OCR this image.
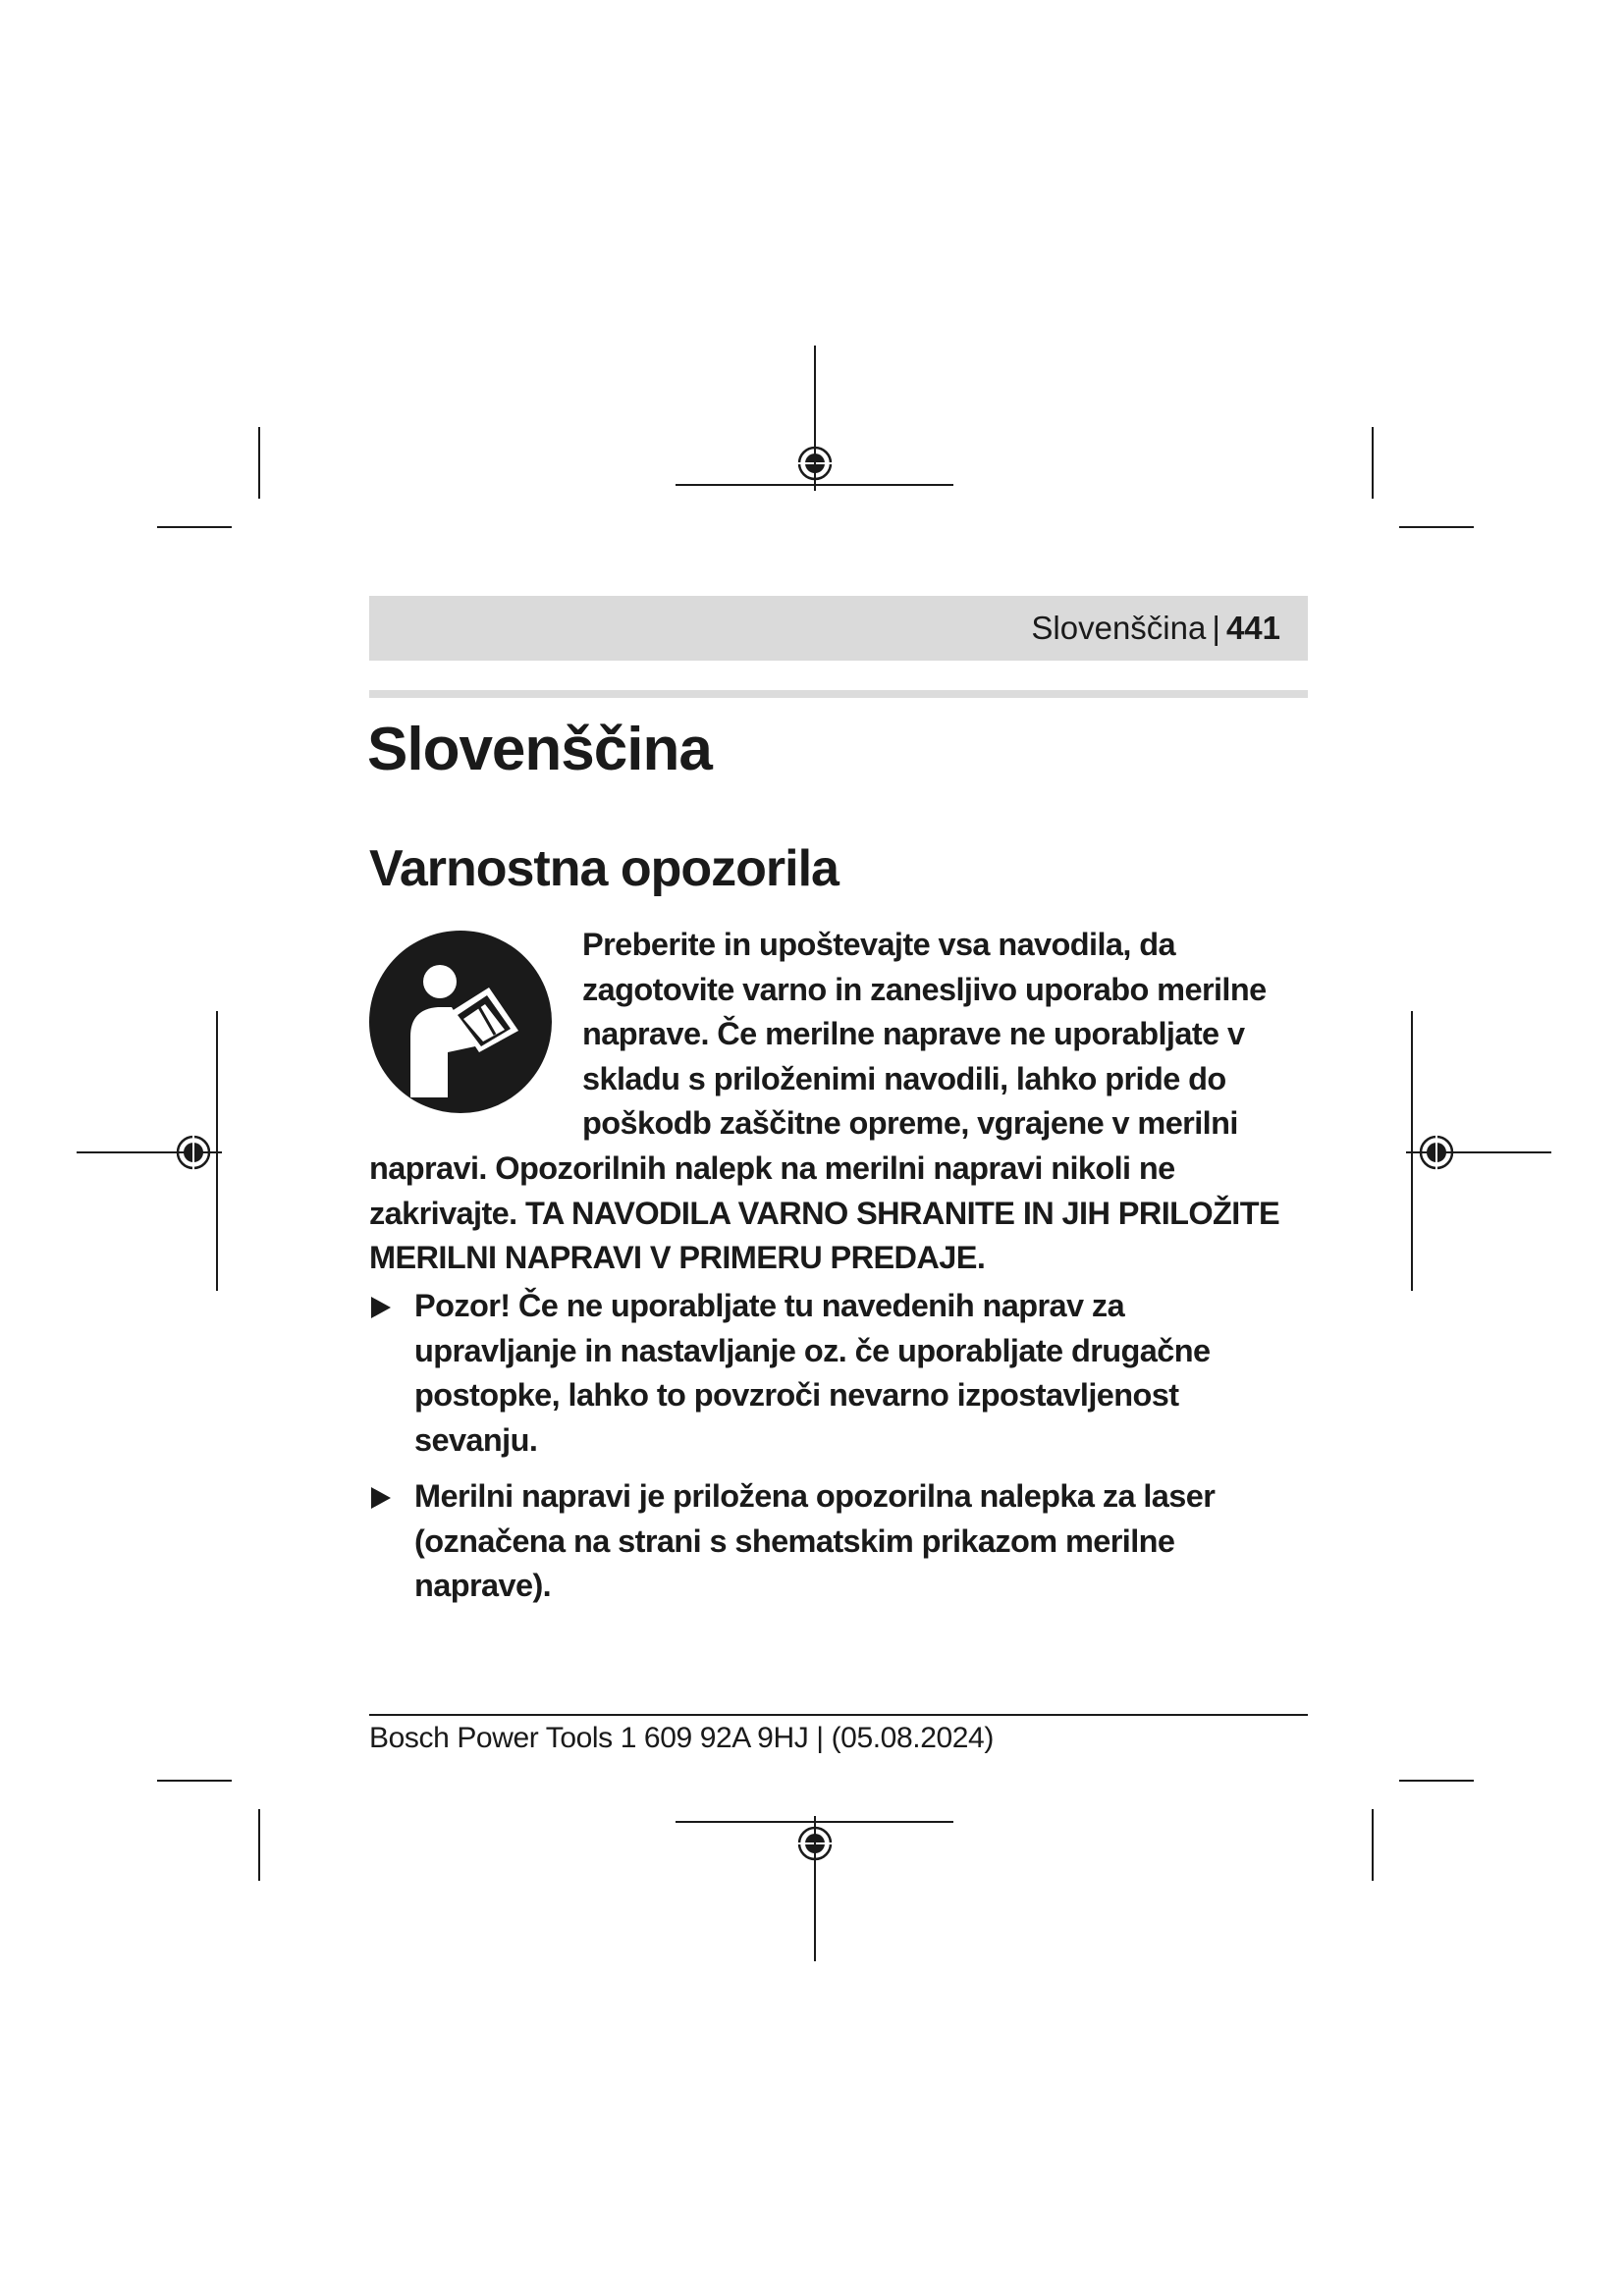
Slovenščina | 441
Slovenščina
Varnostna opozorila
Preberite in upoštevajte vsa navodila, da
zagotovite varno in zanesljivo uporabo merilne
naprave. Če merilne naprave ne uporabljate v
skladu s priloženimi navodili, lahko pride do
poškodb zaščitne opreme, vgrajene v merilni
napravi. Opozorilnih nalepk na merilni napravi nikoli ne
zakrivajte. TA NAVODILA VARNO SHRANITE IN JIH PRILOŽITE
MERILNI NAPRAVI V PRIMERU PREDAJE.
Pozor! Če ne uporabljate tu navedenih naprav za
upravljanje in nastavljanje oz. če uporabljate drugačne
postopke, lahko to povzroči nevarno izpostavljenost
sevanju.
Merilni napravi je priložena opozorilna nalepka za laser
(označena na strani s shematskim prikazom merilne
naprave).
Bosch Power Tools 1 609 92A 9HJ | (05.08.2024)
